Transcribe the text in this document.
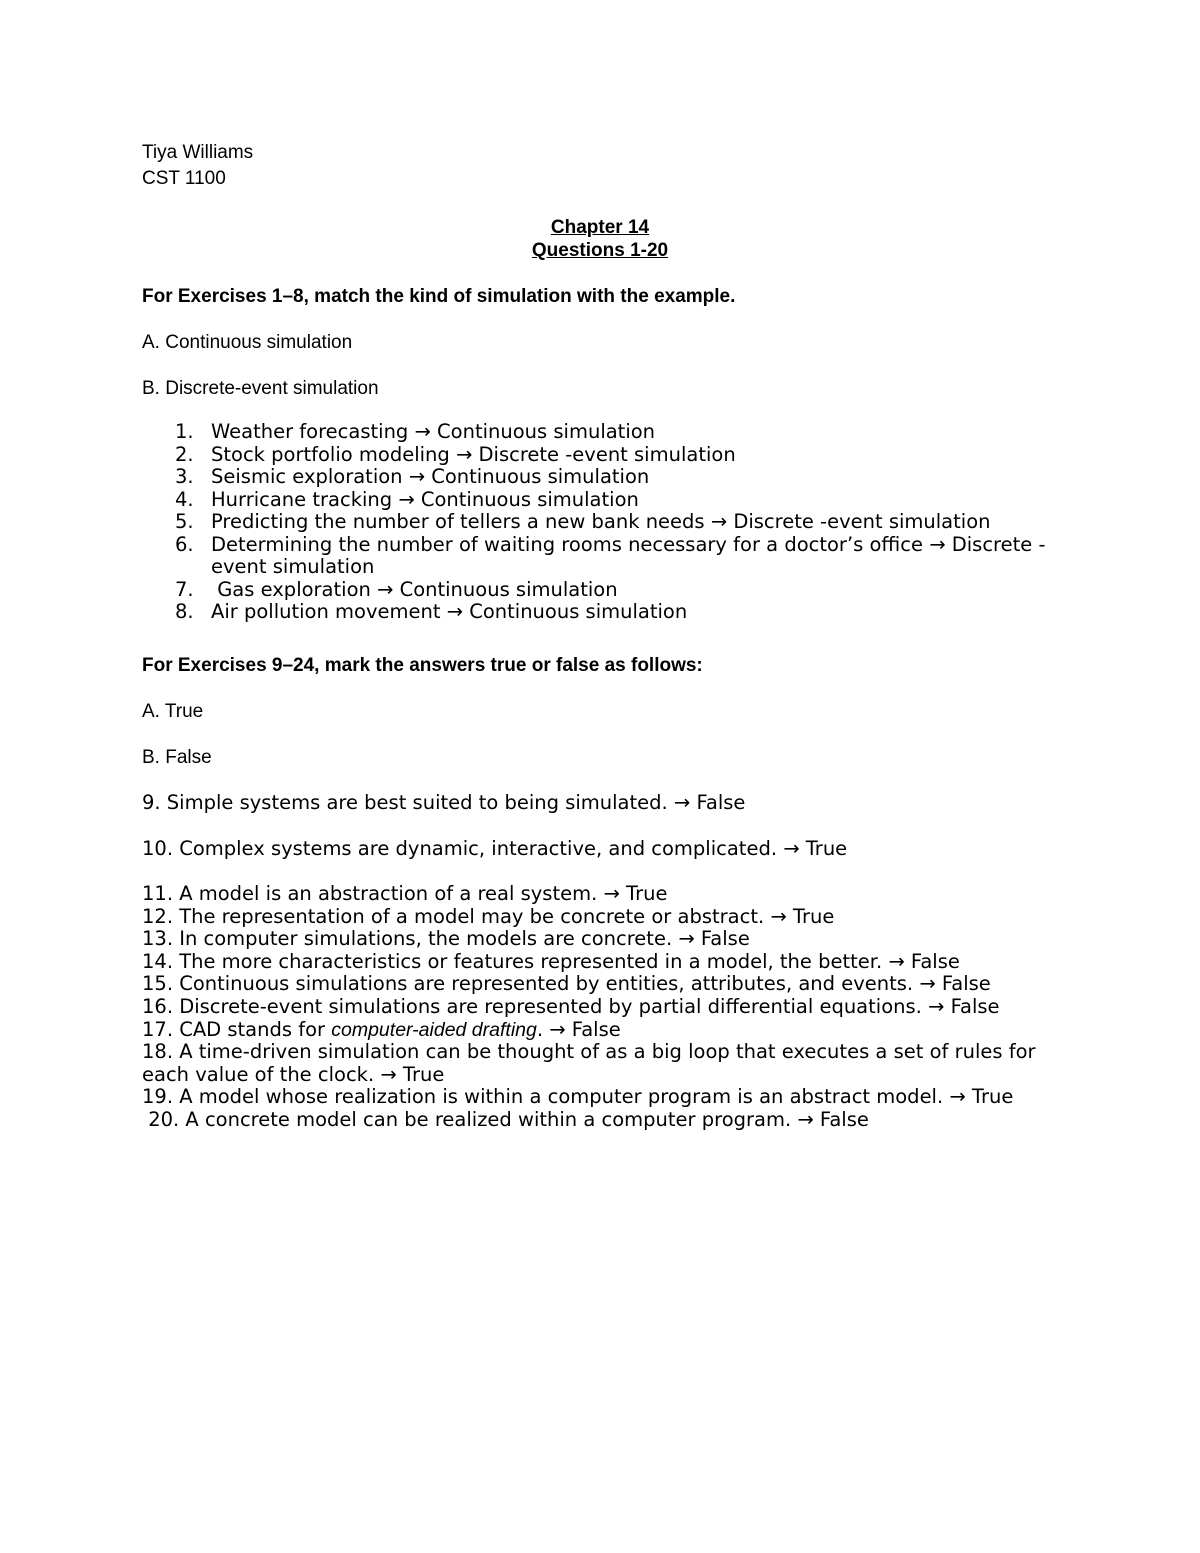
Tiya Williams
CST 1100
Chapter 14
Questions 1-20
For Exercises 1–8, match the kind of simulation with the example.
A. Continuous simulation
B. Discrete-event simulation
1. Weather forecasting → Continuous simulation
2. Stock portfolio modeling → Discrete -event simulation
3. Seismic exploration → Continuous simulation
4. Hurricane tracking → Continuous simulation
5. Predicting the number of tellers a new bank needs → Discrete -event simulation
6. Determining the number of waiting rooms necessary for a doctor’s office → Discrete -event simulation
7. Gas exploration → Continuous simulation
8. Air pollution movement → Continuous simulation
For Exercises 9–24, mark the answers true or false as follows:
A. True
B. False
9. Simple systems are best suited to being simulated. → False
10. Complex systems are dynamic, interactive, and complicated. → True
11. A model is an abstraction of a real system. → True
12. The representation of a model may be concrete or abstract. → True
13. In computer simulations, the models are concrete. → False
14. The more characteristics or features represented in a model, the better. → False
15. Continuous simulations are represented by entities, attributes, and events. → False
16. Discrete-event simulations are represented by partial differential equations. → False
17. CAD stands for computer-aided drafting. → False
18. A time-driven simulation can be thought of as a big loop that executes a set of rules for each value of the clock. → True
19. A model whose realization is within a computer program is an abstract model. → True
20. A concrete model can be realized within a computer program. → False
